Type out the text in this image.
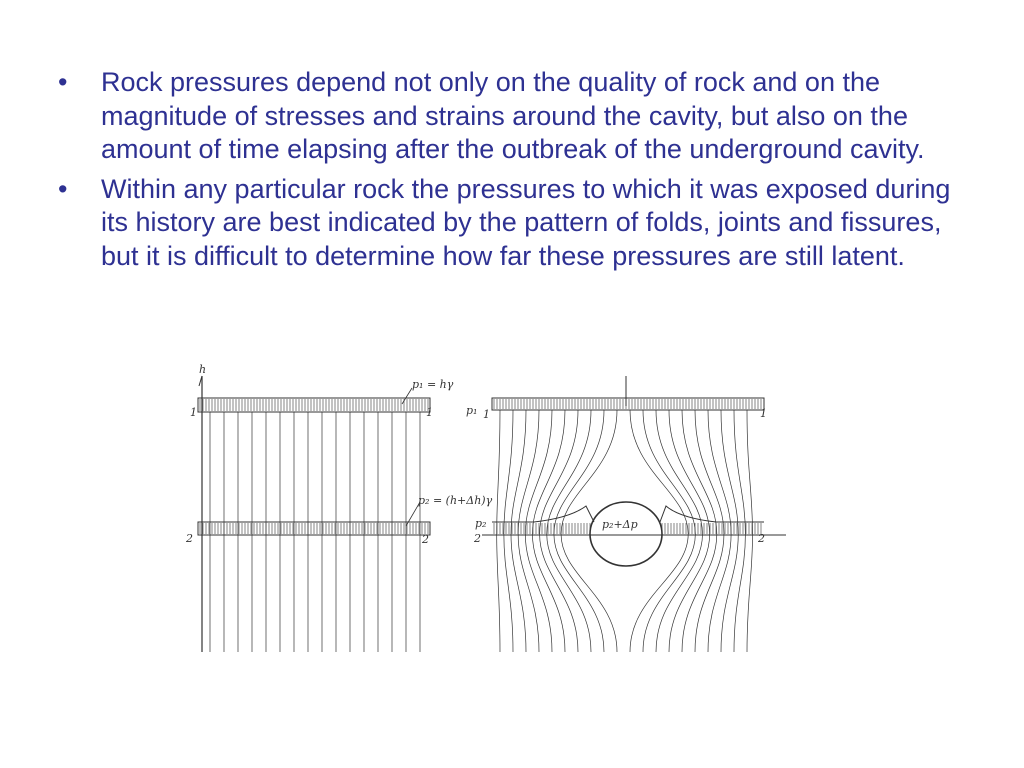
• Rock pressures depend not only on the quality of rock and on the magnitude of stresses and strains around the cavity, but also on the amount of time elapsing after the outbreak of the underground cavity.
• Within any particular rock the pressures to which it was exposed during its history are best indicated by the pattern of folds, joints and fissures, but it is difficult to determine how far these pressures are still latent.
h
p₁ = hγ
p₂ = (h+Δh)γ
1	1
2	2
p₁ 1	1
p₂
2	2
p₂+Δp
